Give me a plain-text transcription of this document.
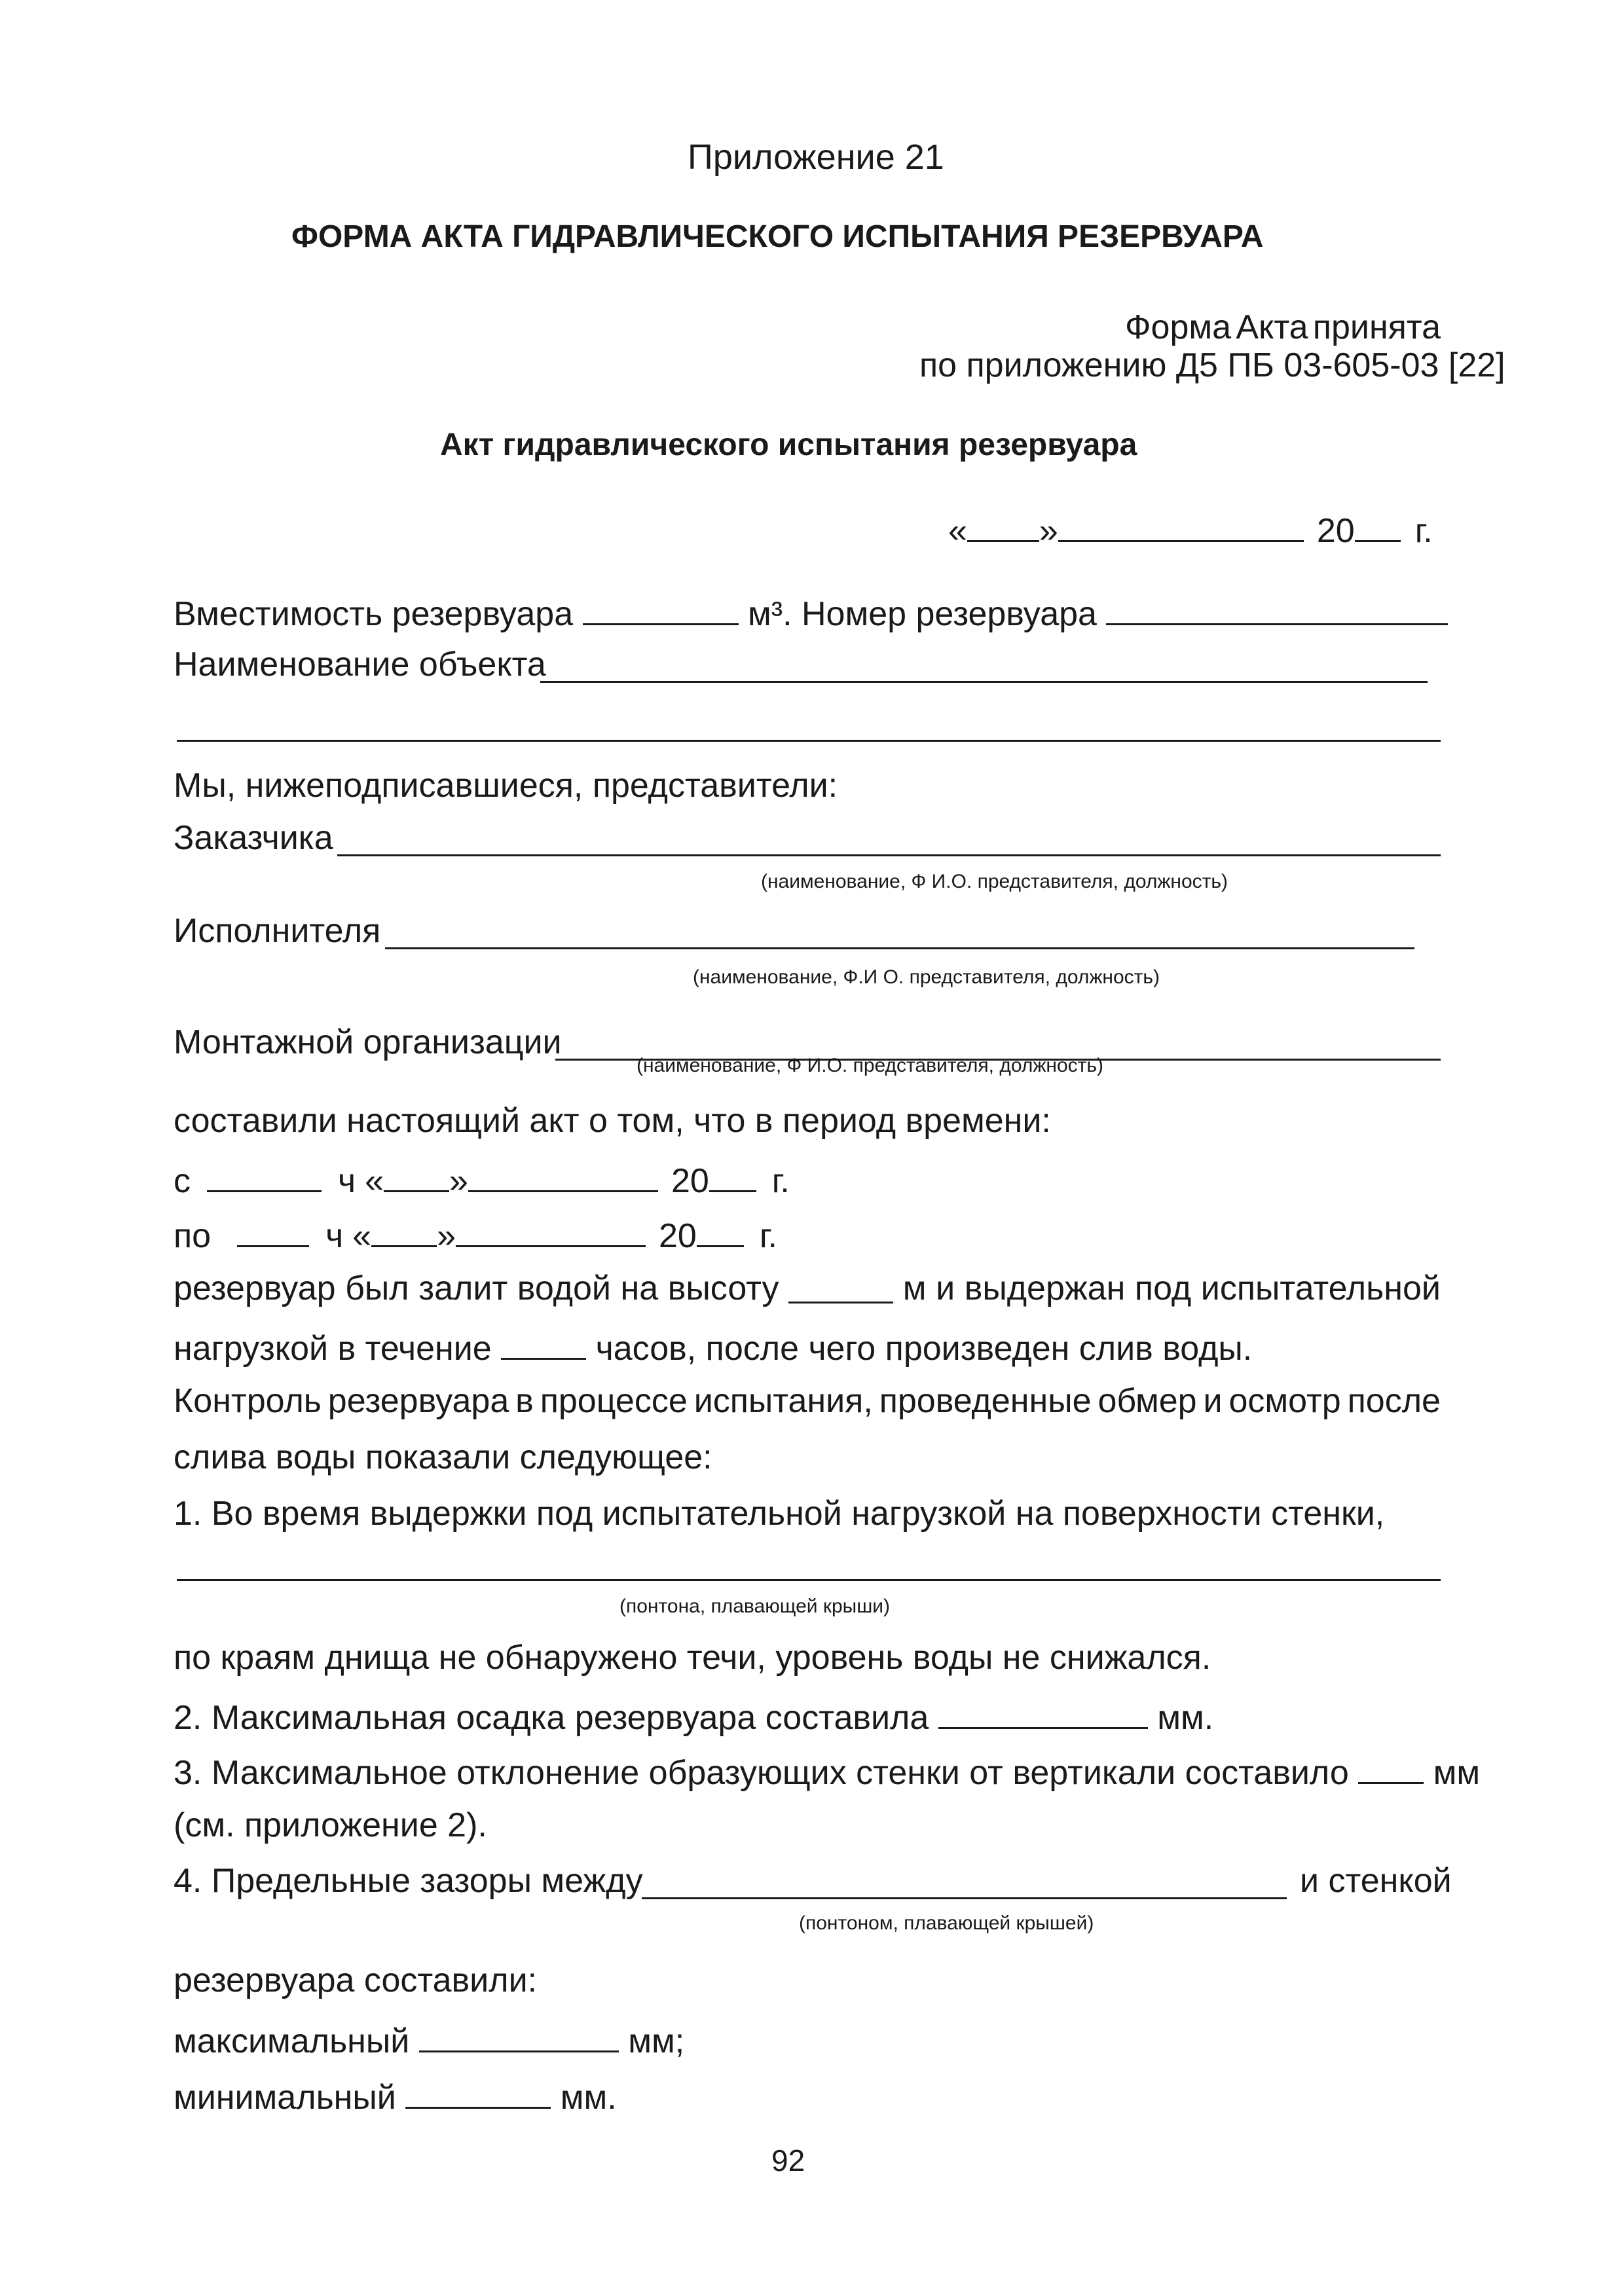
Приложение 21
ФОРМА АКТА ГИДРАВЛИЧЕСКОГО ИСПЫТАНИЯ РЕЗЕРВУАРА
Форма Акта принята
по приложению Д5 ПБ 03-605-03 [22]
Акт гидравлического испытания резервуара
« »	20 г.
Вместимость резервуара	м³. Номер резервуара
Наименование объекта
Мы, нижеподписавшиеся, представители:
Заказчика
(наименование, Ф И.О. представителя, должность)
Исполнителя
(наименование, Ф.И О. представителя, должность)
Монтажной организации
(наименование, Ф И.О. представителя, должность)
составили настоящий акт о том, что в период времени:
с	ч « »	20 г.
по	ч « »	20 г.
резервуар был залит водой на высоту	м и выдержан под испытательной
нагрузкой в течение	часов, после чего произведен слив воды.
Контроль резервуара в процессе испытания, проведенные обмер и осмотр после
слива воды показали следующее:
1. Во время выдержки под испытательной нагрузкой на поверхности стенки,
(понтона, плавающей крыши)
по краям днища не обнаружено течи, уровень воды не снижался.
2. Максимальная осадка резервуара составила	мм.
3. Максимальное отклонение образующих стенки от вертикали составило мм
(см. приложение 2).
4. Предельные зазоры между	и стенкой
(понтоном, плавающей крышей)
резервуара составили:
максимальный	мм;
минимальный	мм.
92
